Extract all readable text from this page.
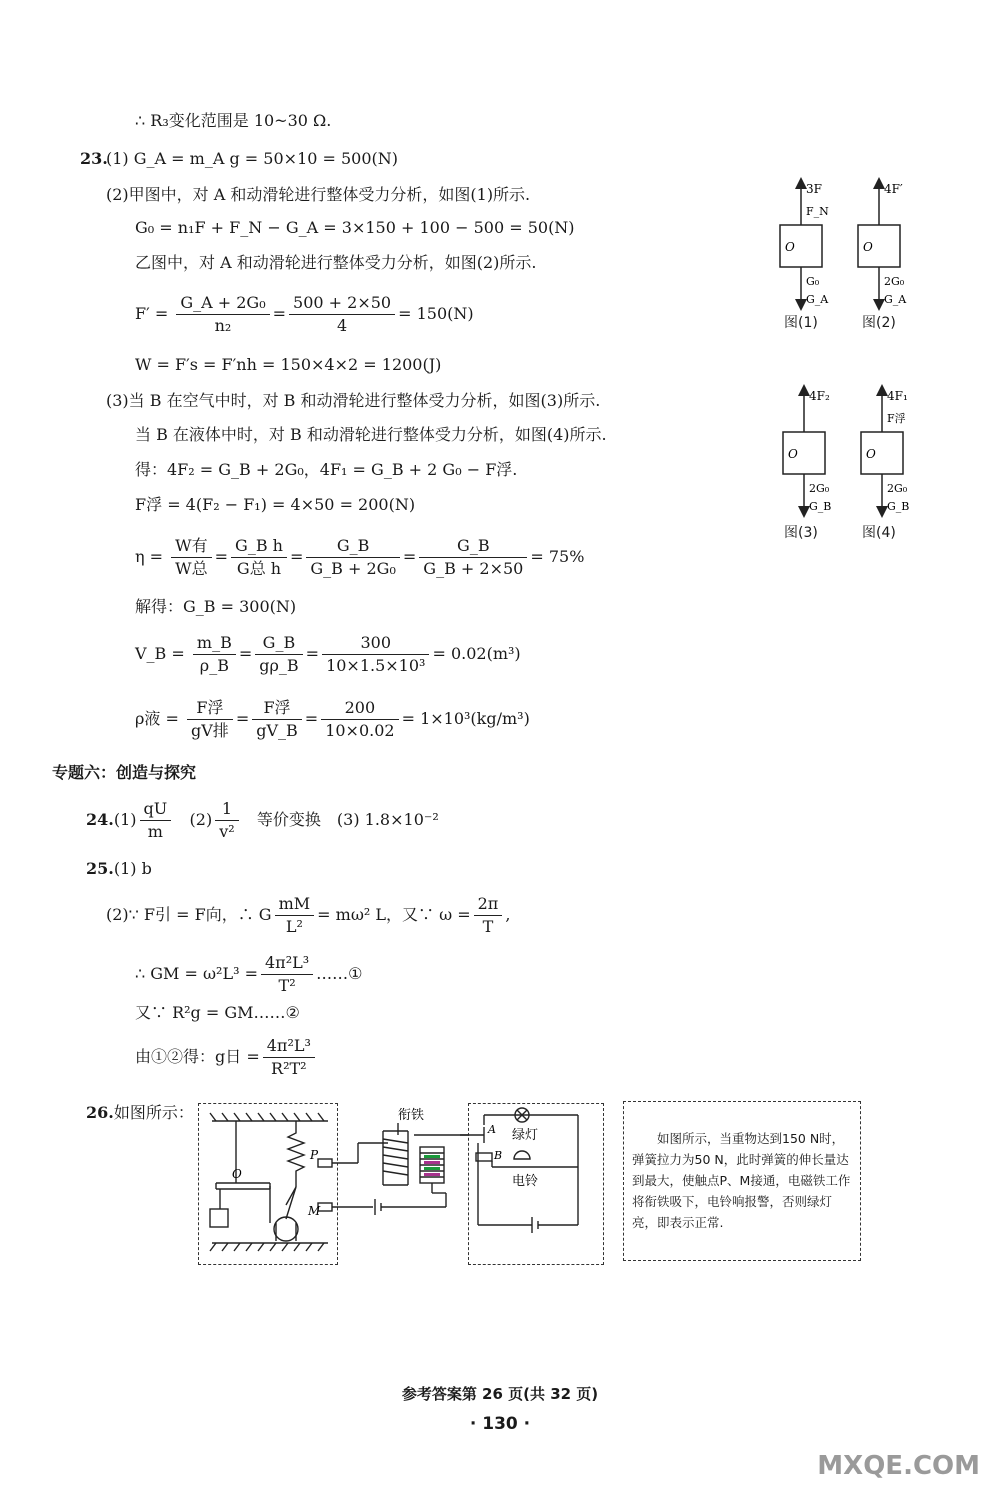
∴ R₃变化范围是 10~30 Ω.
23.
(1) G_A = m_A g = 50×10 = 500(N)
(2)甲图中，对 A 和动滑轮进行整体受力分析，如图(1)所示.
G₀ = n₁F + F_N − G_A = 3×150 + 100 − 500 = 50(N)
乙图中，对 A 和动滑轮进行整体受力分析，如图(2)所示.
$F' = \frac{\text{G\_A + 2G₀}}{\text{n₂}} = \frac{500 + 2\times 50}{4} = 150(N)$
W = F′s = F′nh = 150×4×2 = 1200(J)
(3)当 B 在空气中时，对 B 和动滑轮进行整体受力分析，如图(3)所示.
当 B 在液体中时，对 B 和动滑轮进行整体受力分析，如图(4)所示.
得：4F₂ = G_B + 2G₀，4F₁ = G_B + 2 G₀ − F浮.
F浮 = 4(F₂ − F₁) = 4×50 = 200(N)
$\eta = \frac{\text{W有}}{\text{W总}} = \frac{\text{G\_B h}}{\text{G总 h}} = \frac{G\_B}{\text{G\_B + 2G₀}} = \frac{G\_B}{G\_B + 2\times 50} = 75\%$
解得：G_B = 300(N)
V_B = $\frac{m\_B}{\rho\_B} = \frac{G\_B}{g\rho\_B} = \frac{300}{\text{10×1.5×10³}} = 0.02(m^3)$
ρ液 = $\frac{\text{F浮}}{\text{gV排}} = \frac{\text{F浮}}{gV\_B} = \frac{200}{10\times 0.02} = 1\times 10^3(kg/m^3)$
专题六：创造与探究
$24.(1) \frac{qU}{m} (2) \frac{1}{\text{v²}}$ 等价变换　(3) 1.8×10⁻²
25.(1) b
(2)∵ F引 = F向，∴ G $\frac{mM}{\text{L²}} = m\omega^2$ L，又∵ $\omega = \frac{2\pi}{T}$ ,
∴ GM = $\omega^2L^3 = \frac{\text{4π²L³}}{\text{T²}}$ ……①
又∵ R²g = GM……②
由①②得：g日 = $\frac{\text{4π²L³}}{\text{R²T²}}$
26.如图所示：
3F
F_N
O
G₀
G_A
4F′
O
2G₀
G_A
图(1)	图(2)
4F₂
O
2G₀
G_B
4F₁
F浮
O
2G₀
G_B
图(3)	图(4)
O
P
M
衔铁
A
B
绿灯
电铃
如图所示，当重物达到150 N时，弹簧拉力为50 N，此时弹簧的伸长量达到最大，使触点P、M接通，电磁铁工作将衔铁吸下，电铃响报警，否则绿灯亮，即表示正常.
参考答案第 26 页(共 32 页)
· 130 ·
MXQE.COM
